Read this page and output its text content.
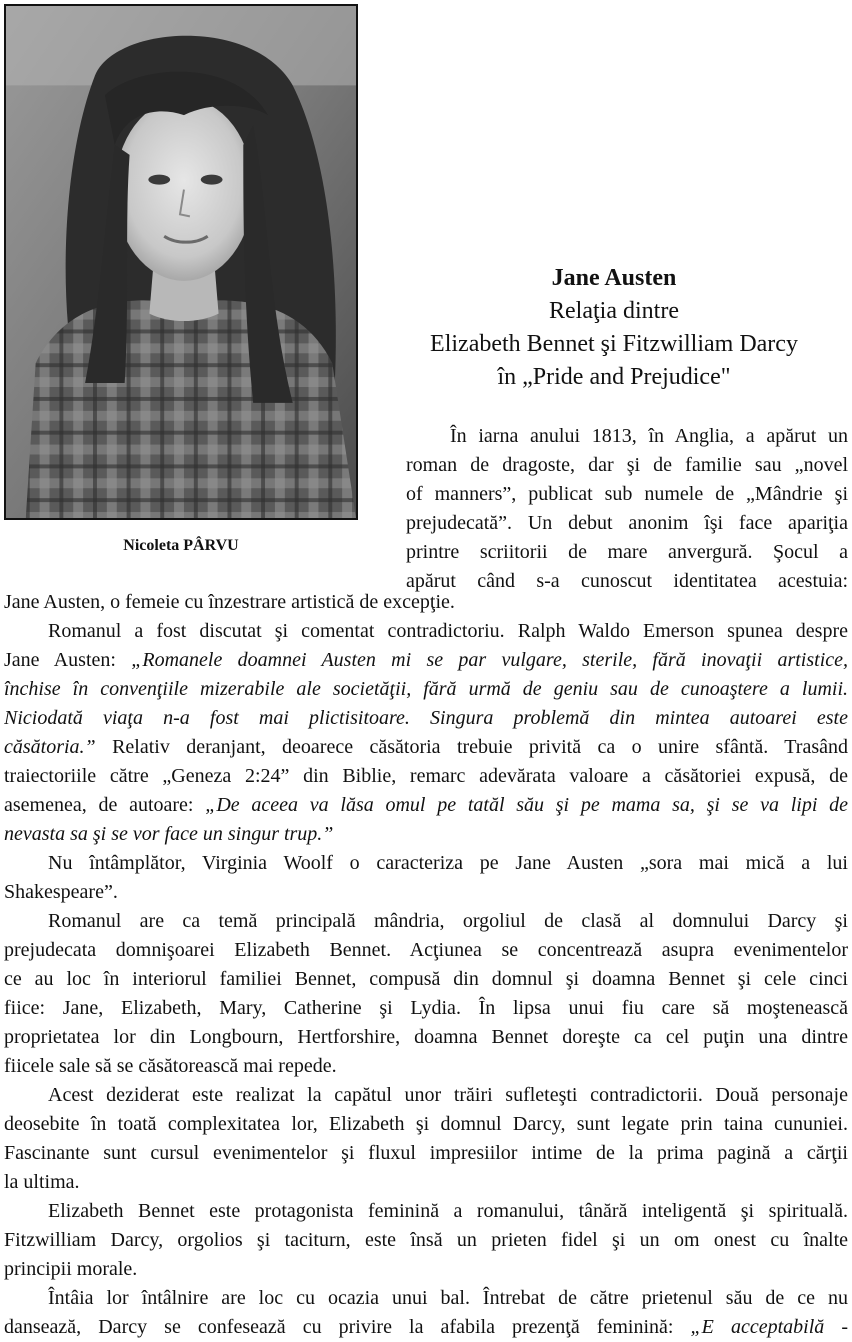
Nicoleta PÂRVU
Jane Austen
Relaţia dintre
Elizabeth Bennet şi Fitzwilliam Darcy
în „Pride and Prejudice"
În iarna anului 1813, în Anglia, a apărut un
roman de dragoste, dar şi de familie sau „novel
of manners”, publicat sub numele de „Mândrie şi
prejudecată”. Un debut anonim îşi face apariţia
printre scriitorii de mare anvergură. Şocul a
apărut când s-a cunoscut identitatea acestuia:
Jane Austen, o femeie cu înzestrare artistică de excepţie.
Romanul a fost discutat şi comentat contradictoriu. Ralph Waldo Emerson spunea despre
Jane Austen: „Romanele doamnei Austen mi se par vulgare, sterile, fără inovaţii artistice,
închise în convenţiile mizerabile ale societăţii, fără urmă de geniu sau de cunoaştere a lumii.
Niciodată viaţa n-a fost mai plictisitoare. Singura problemă din mintea autoarei este
căsătoria.” Relativ deranjant, deoarece căsătoria trebuie privită ca o unire sfântă. Trasând
traiectoriile către „Geneza 2:24” din Biblie, remarc adevărata valoare a căsătoriei expusă, de
asemenea, de autoare: „De aceea va lăsa omul pe tatăl său şi pe mama sa, şi se va lipi de
nevasta sa şi se vor face un singur trup.”
Nu întâmplător, Virginia Woolf o caracteriza pe Jane Austen „sora mai mică a lui
Shakespeare”.
Romanul are ca temă principală mândria, orgoliul de clasă al domnului Darcy şi
prejudecata domnişoarei Elizabeth Bennet. Acţiunea se concentrează asupra evenimentelor
ce au loc în interiorul familiei Bennet, compusă din domnul şi doamna Bennet şi cele cinci
fiice: Jane, Elizabeth, Mary, Catherine şi Lydia. În lipsa unui fiu care să moştenească
proprietatea lor din Longbourn, Hertforshire, doamna Bennet doreşte ca cel puţin una dintre
fiicele sale să se căsătorească mai repede.
Acest deziderat este realizat la capătul unor trăiri sufleteşti contradictorii. Două personaje
deosebite în toată complexitatea lor, Elizabeth şi domnul Darcy, sunt legate prin taina cununiei.
Fascinante sunt cursul evenimentelor şi fluxul impresiilor intime de la prima pagină a cărţii
la ultima.
Elizabeth Bennet este protagonista feminină a romanului, tânără inteligentă şi spirituală.
Fitzwilliam Darcy, orgolios şi taciturn, este însă un prieten fidel şi un om onest cu înalte
principii morale.
Întâia lor întâlnire are loc cu ocazia unui bal. Întrebat de către prietenul său de ce nu
dansează, Darcy se confesează cu privire la afabila prezenţă feminină: „E acceptabilă -
